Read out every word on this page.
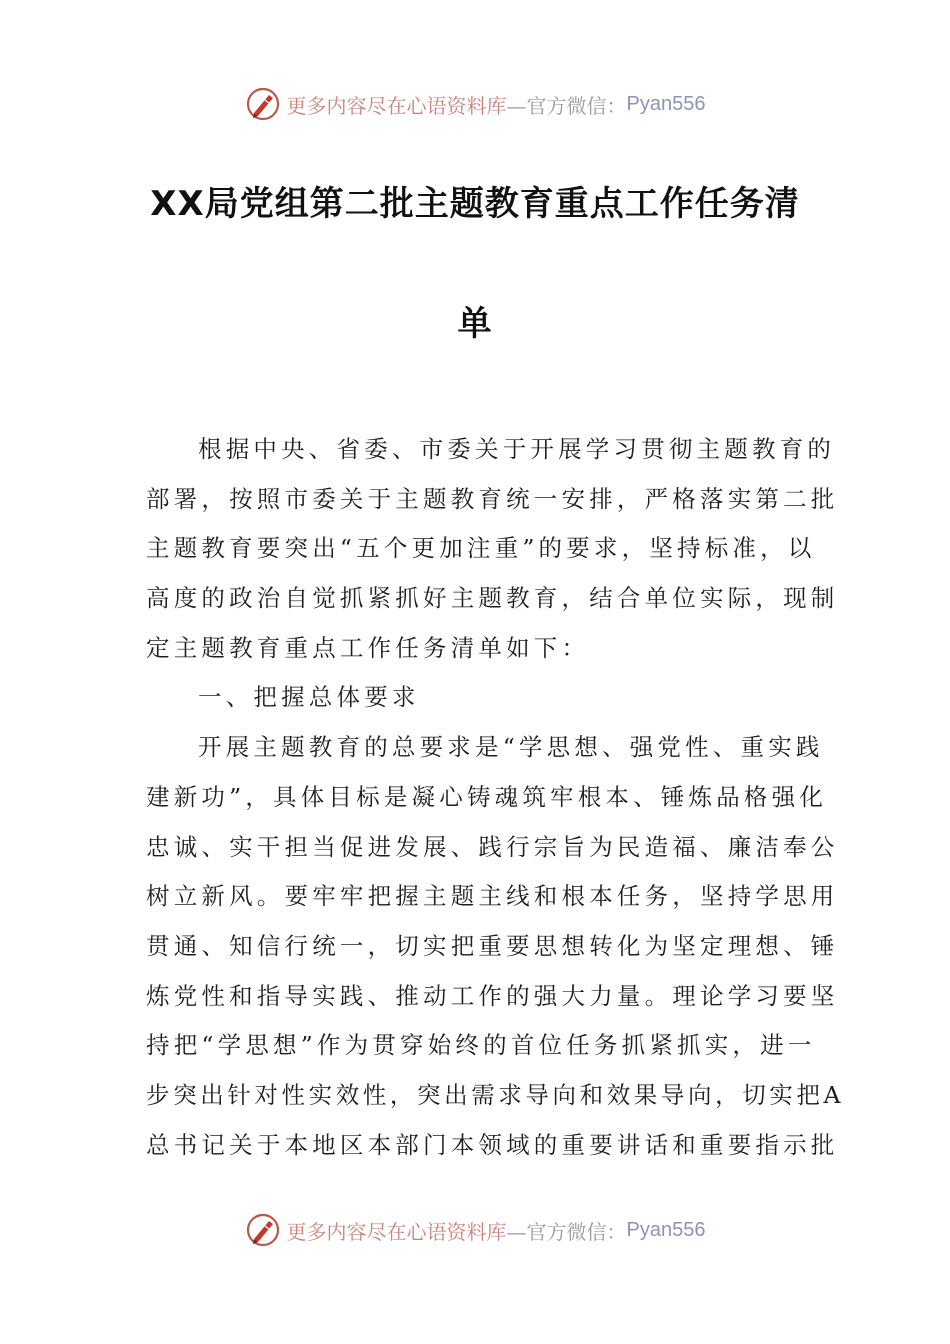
更多内容尽在心语资料库 —官方微信： Pyan556
XX局党组第二批主题教育重点工作任务清
单
根据中央、省委、市委关于开展学习贯彻主题教育的
部署，按照市委关于主题教育统一安排，严格落实第二批
主题教育要突出“五个更加注重”的要求，坚持标准，以
高度的政治自觉抓紧抓好主题教育，结合单位实际，现制
定主题教育重点工作任务清单如下：
一、把握总体要求
开展主题教育的总要求是“学思想、强党性、重实践
建新功”，具体目标是凝心铸魂筑牢根本、锤炼品格强化
忠诚、实干担当促进发展、践行宗旨为民造福、廉洁奉公
树立新风。要牢牢把握主题主线和根本任务，坚持学思用
贯通、知信行统一，切实把重要思想转化为坚定理想、锤
炼党性和指导实践、推动工作的强大力量。理论学习要坚
持把“学思想”作为贯穿始终的首位任务抓紧抓实，进一
步突出针对性实效性，突出需求导向和效果导向，切实把A
总书记关于本地区本部门本领域的重要讲话和重要指示批
更多内容尽在心语资料库 —官方微信： Pyan556
